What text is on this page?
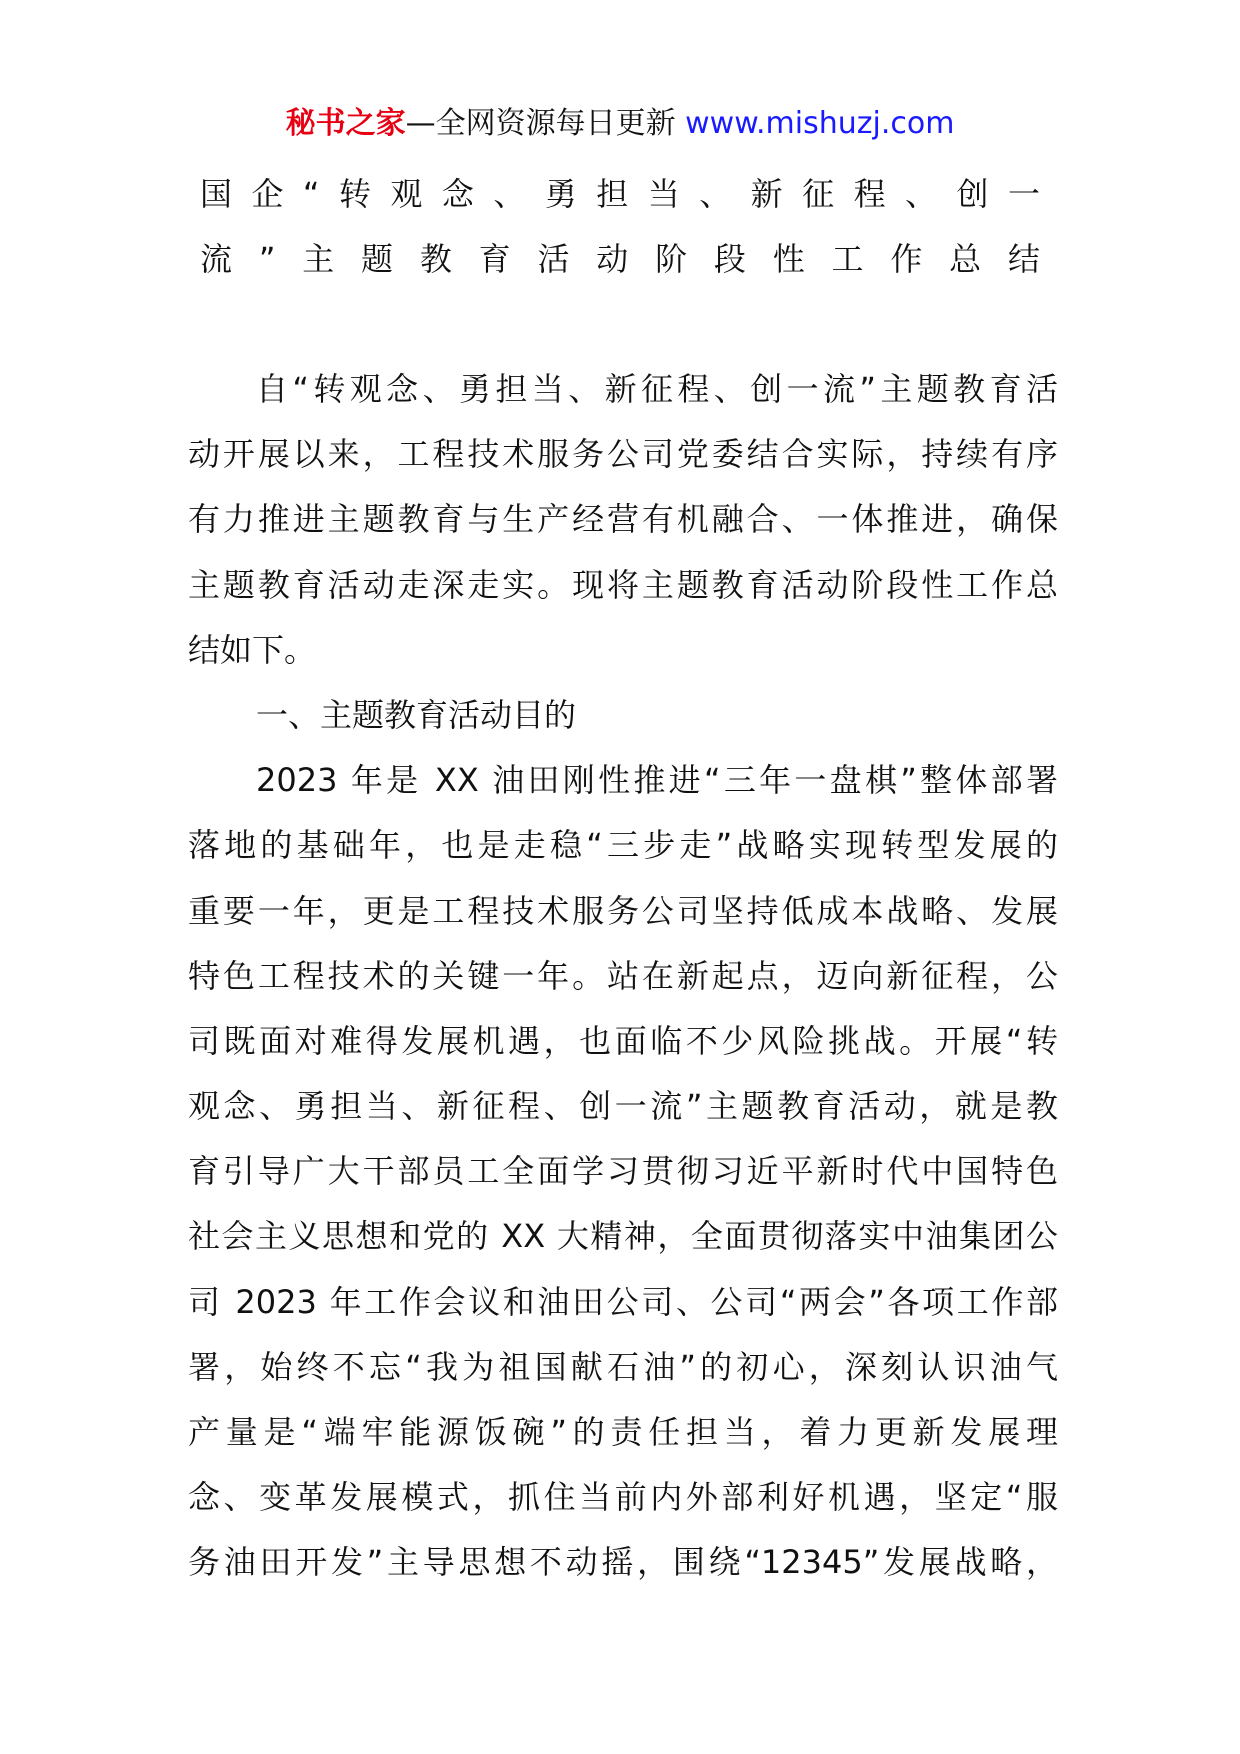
秘书之家—全网资源每日更新 www.mishuzj.com
国企“转观念、勇担当、新征程、创一
流”主题教育活动阶段性工作总结
自“转观念、勇担当、新征程、创一流”主题教育活
动开展以来，工程技术服务公司党委结合实际，持续有序
有力推进主题教育与生产经营有机融合、一体推进，确保
主题教育活动走深走实。现将主题教育活动阶段性工作总
结如下。
一、主题教育活动目的
2023 年是 XX 油田刚性推进“三年一盘棋”整体部署
落地的基础年，也是走稳“三步走”战略实现转型发展的
重要一年，更是工程技术服务公司坚持低成本战略、发展
特色工程技术的关键一年。站在新起点，迈向新征程，公
司既面对难得发展机遇，也面临不少风险挑战。开展“转
观念、勇担当、新征程、创一流”主题教育活动，就是教
育引导广大干部员工全面学习贯彻习近平新时代中国特色
社会主义思想和党的 XX 大精神，全面贯彻落实中油集团公
司 2023 年工作会议和油田公司、公司“两会”各项工作部
署，始终不忘“我为祖国献石油”的初心，深刻认识油气
产量是“端牢能源饭碗”的责任担当，着力更新发展理
念、变革发展模式，抓住当前内外部利好机遇，坚定“服
务油田开发”主导思想不动摇，围绕“12345”发展战略，
